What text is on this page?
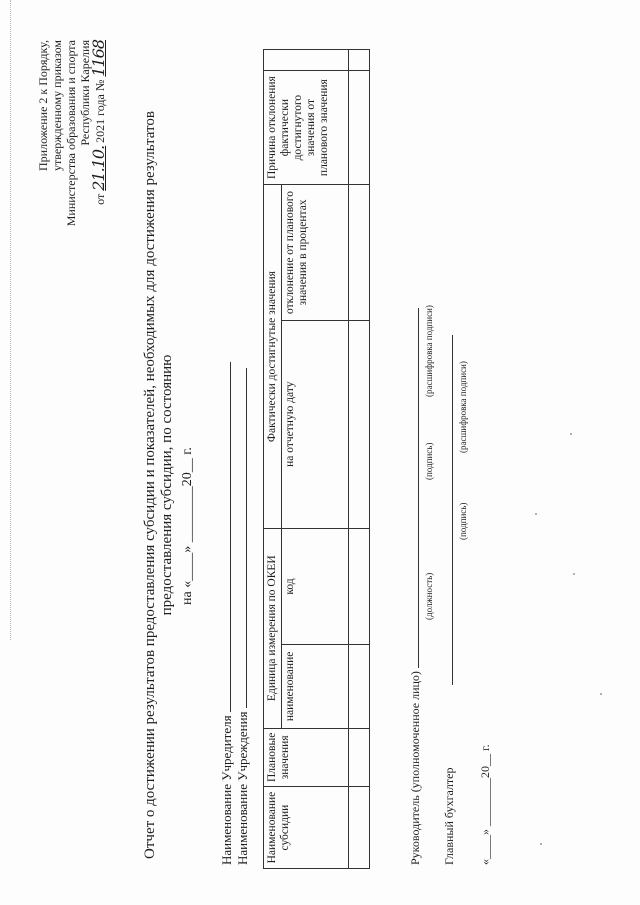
Приложение 2 к Порядку, утвержденному приказом Министерства образования и спорта Республики Карелия
от 21.10. 2021 года № 1168
Отчет о достижении результатов предоставления субсидии и показателей, необходимых для достижения результатов предоставления субсидии, по состоянию на «____» ________20__ г.
Наименование Учредителя Наименование Учреждения Наименование субсидии	Плановые значения	Единица измерения по ОКЕИ		Фактически достигнутые значения		Причина отклонения фактически достигнутого значения от планового значения	
		наименование	код	на отчетную дату	отклонение от планового значения в процентах		

Руководитель (уполномоченное лицо)
(должность)
(подпись)
(расшифровка подписи)
Главный бухгалтер
(подпись)
(расшифровка подписи)
«____» ________20__ г.
